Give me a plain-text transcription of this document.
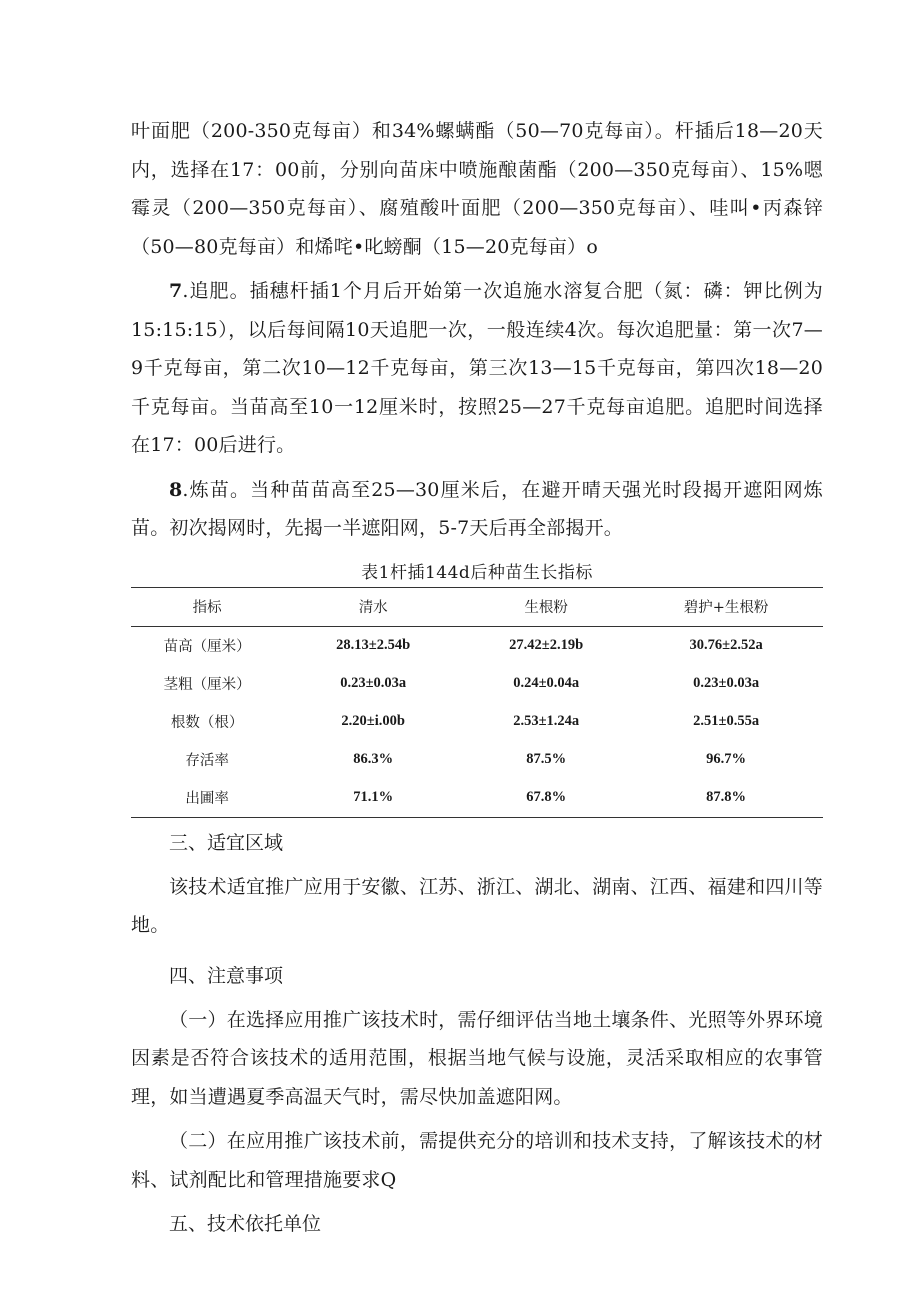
叶面肥（200-350克每亩）和34%螺螨酯（50—70克每亩）。杆插后18—20天内，选择在17：00前，分别向苗床中喷施酿菌酯（200—350克每亩）、15%嗯霉灵（200—350克每亩）、腐殖酸叶面肥（200—350克每亩）、哇叫•丙森锌（50—80克每亩）和烯咤•叱螃酮（15—20克每亩）o

7.追肥。插穗杆插1个月后开始第一次追施水溶复合肥（氮：磷：钾比例为15:15:15），以后每间隔10天追肥一次，一般连续4次。每次追肥量：第一次7—9千克每亩，第二次10—12千克每亩，第三次13—15千克每亩，第四次18—20千克每亩。当苗高至10一12厘米时，按照25—27千克每亩追肥。追肥时间选择在17：00后进行。

8.炼苗。当种苗苗高至25—30厘米后，在避开晴天强光时段揭开遮阳网炼苗。初次揭网时，先揭一半遮阳网，5-7天后再全部揭开。

表1杆插144d后种苗生长指标
指标	清水	生根粉	碧护+生根粉
苗高（厘米）	28.13±2.54b	27.42±2.19b	30.76±2.52a
茎粗（厘米）	0.23±0.03a	0.24±0.04a	0.23±0.03a
根数（根）	2.20±i.00b	2.53±1.24a	2.51±0.55a
存活率	86.3%	87.5%	96.7%
出圃率	71.1%	67.8%	87.8%

三、适宜区域

该技术适宜推广应用于安徽、江苏、浙江、湖北、湖南、江西、福建和四川等地。

四、注意事项

（一）在选择应用推广该技术时，需仔细评估当地土壤条件、光照等外界环境因素是否符合该技术的适用范围，根据当地气候与设施，灵活采取相应的农事管理，如当遭遇夏季高温天气时，需尽快加盖遮阳网。

（二）在应用推广该技术前，需提供充分的培训和技术支持，了解该技术的材料、试剂配比和管理措施要求Q

五、技术依托单位
